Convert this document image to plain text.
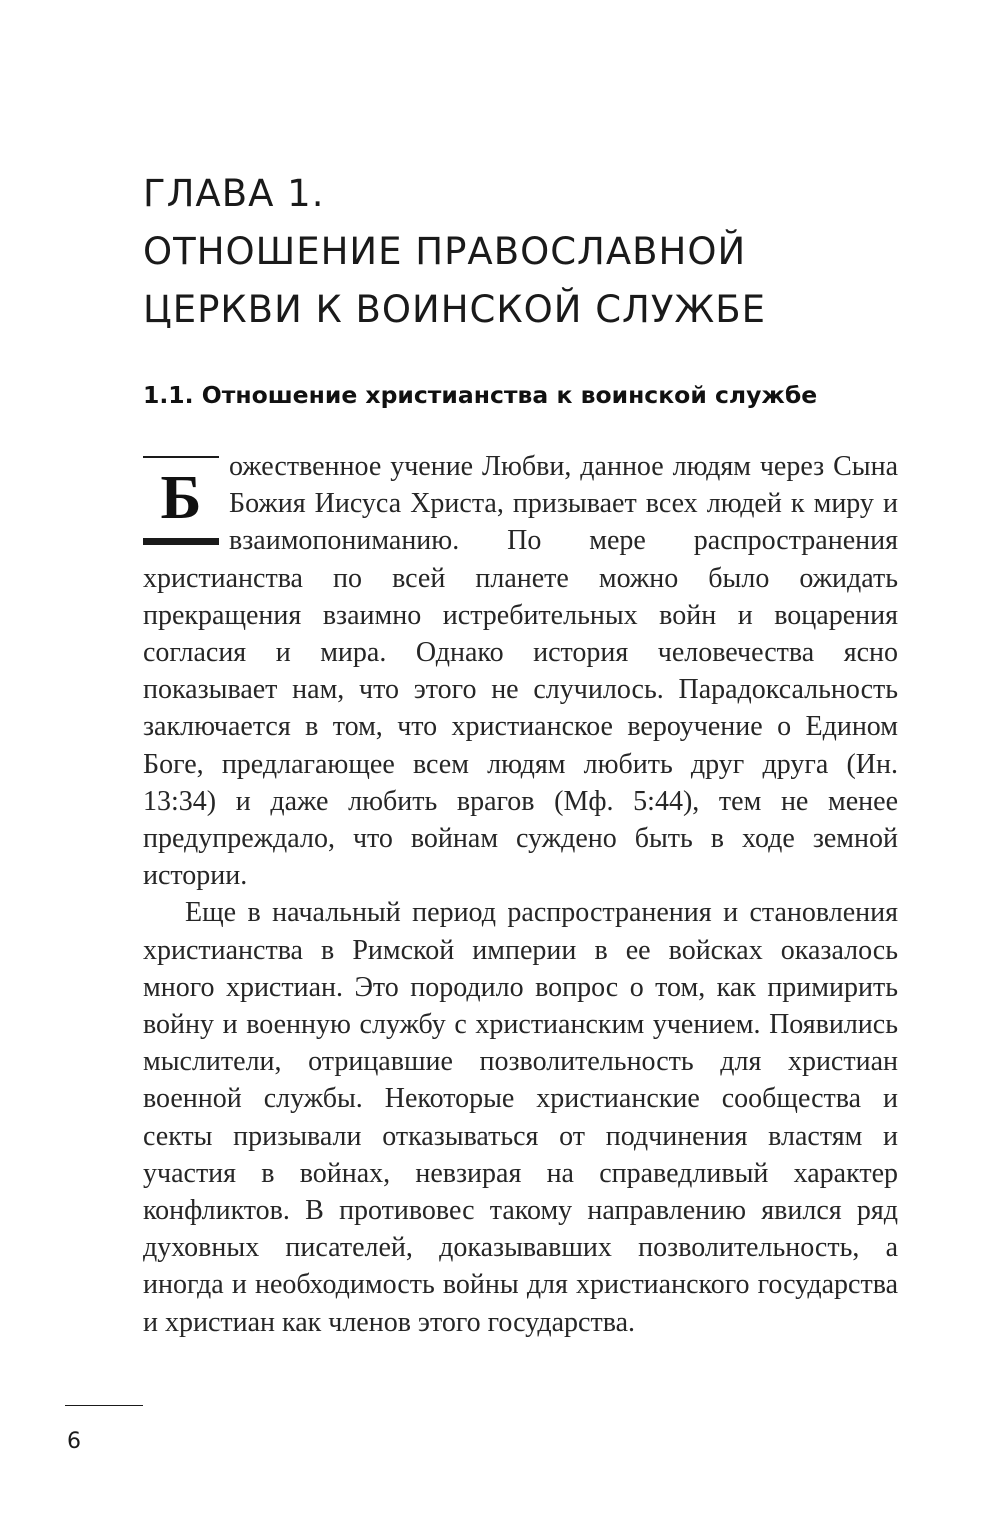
ГЛАВА 1.
ОТНОШЕНИЕ ПРАВОСЛАВНОЙ
ЦЕРКВИ К ВОИНСКОЙ СЛУЖБЕ
1.1. Отношение христианства к воинской службе

Б ожественное учение Любви, данное людям через Сына Божия Иисуса Христа, призывает всех людей к миру и взаимопониманию. По мере распространения христианства по всей планете можно было ожидать прекращения взаимно истребительных войн и воцарения согласия и мира. Однако история человечества ясно показывает нам, что этого не случилось. Парадоксальность заключается в том, что христианское вероучение о Едином Боге, предлагающее всем людям любить друг друга (Ин. 13:34) и даже любить врагов (Мф. 5:44), тем не менее предупреждало, что войнам суждено быть в ходе земной истории.

Еще в начальный период распространения и становления христианства в Римской империи в ее войсках оказалось много христиан. Это породило вопрос о том, как примирить войну и военную службу с христианским учением. Появились мыслители, отрицавшие позволительность для христиан военной службы. Некоторые христианские сообщества и секты призывали отказываться от подчинения властям и участия в войнах, невзирая на справедливый характер конфликтов. В противовес такому направлению явился ряд духовных писателей, доказывавших позволительность, а иногда и необходимость войны для христианского государства и христиан как членов этого государства.

6
